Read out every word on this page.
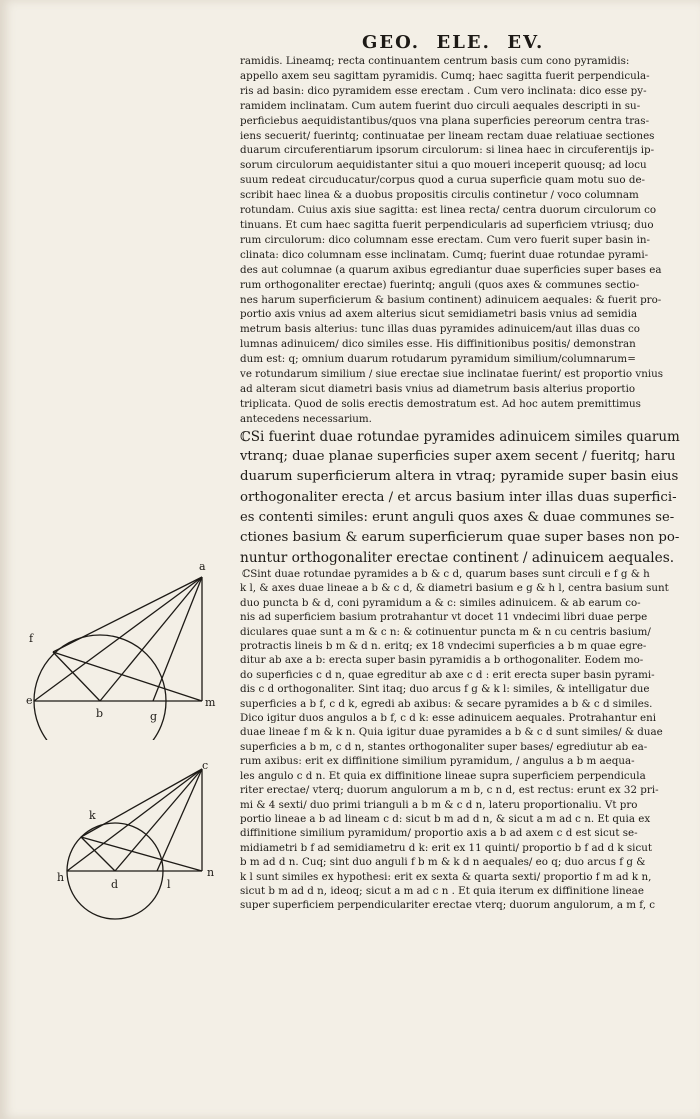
GEO.  ELE.  EV.
ramidis. Lineamq; recta continuantem centrum basis cum cono pyramidis:
appello axem seu sagittam pyramidis. Cumq; haec sagitta fuerit perpendicula-
ris ad basin: dico pyramidem esse erectam . Cum vero inclinata: dico esse py-
ramidem inclinatam. Cum autem fuerint duo circuli aequales descripti in su-
perficiebus aequidistantibus/quos vna plana superficies pereorum centra tras-
iens secuerit/ fuerintq; continuatae per lineam rectam duae relatiuae sectiones
duarum circuferentiarum ipsorum circulorum: si linea haec in circuferentijs ip-
sorum circulorum aequidistanter situi a quo moueri inceperit quousq; ad locu
suum redeat circuducatur/corpus quod a curua superficie quam motu suo de-
scribit haec linea & a duobus propositis circulis continetur / voco columnam
rotundam. Cuius axis siue sagitta: est linea recta/ centra duorum circulorum co
tinuans. Et cum haec sagitta fuerit perpendicularis ad superficiem vtriusq; duo
rum circulorum: dico columnam esse erectam. Cum vero fuerit super basin in-
clinata: dico columnam esse inclinatam. Cumq; fuerint duae rotundae pyrami-
des aut columnae (a quarum axibus egrediantur duae superficies super bases ea
rum orthogonaliter erectae) fuerintq; anguli (quos axes & communes sectio-
nes harum superficierum & basium continent) adinuicem aequales: & fuerit pro-
portio axis vnius ad axem alterius sicut semidiametri basis vnius ad semidia
metrum basis alterius: tunc illas duas pyramides adinuicem/aut illas duas co
lumnas adinuicem/ dico similes esse. His diffinitionibus positis/ demonstran
dum est: q; omnium duarum rotudarum pyramidum similium/columnarum=
ve rotundarum similium / siue erectae siue inclinatae fuerint/ est proportio vnius
ad alteram sicut diametri basis vnius ad diametrum basis alterius proportio
triplicata. Quod de solis erectis demostratum est. Ad hoc autem premittimus
antecedens necessarium.
ℂSi fuerint duae rotundae pyramides adinuicem similes quarum
vtranq; duae planae superficies super axem secent / fueritq; haru
duarum superficierum altera in vtraq; pyramide super basin eius
orthogonaliter erecta / et arcus basium inter illas duas superfici-
es contenti similes: erunt anguli quos axes & duae communes se-
ctiones basium & earum superficierum quae super bases non po-
nuntur orthogonaliter erectae continent / adinuicem aequales.
ℂSint duae rotundae pyramides a b & c d, quarum bases sunt circuli e f g & h
k l, & axes duae lineae a b & c d, & diametri basium e g & h l, centra basium sunt
duo puncta b & d, coni pyramidum a & c: similes adinuicem. & ab earum co-
nis ad superficiem basium protrahantur vt docet 11 vndecimi libri duae perpe
diculares quae sunt a m & c n: & cotinuentur puncta m & n cu centris basium/
protractis lineis b m & d n. eritq; ex 18 vndecimi superficies a b m quae egre-
ditur ab axe a b: erecta super basin pyramidis a b orthogonaliter. Eodem mo-
do superficies c d n, quae egreditur ab axe c d : erit erecta super basin pyrami-
dis c d orthogonaliter. Sint itaq; duo arcus f g & k l: similes, & intelligatur due
superficies a b f, c d k, egredi ab axibus: & secare pyramides a b & c d similes.
Dico igitur duos angulos a b f, c d k: esse adinuicem aequales. Protrahantur eni
duae lineae f m & k n. Quia igitur duae pyramides a b & c d sunt similes/ & duae
superficies a b m, c d n, stantes orthogonaliter super bases/ egrediutur ab ea-
rum axibus: erit ex diffinitione similium pyramidum, / angulus a b m aequa-
les angulo c d n. Et quia ex diffinitione lineae supra superficiem perpendicula
riter erectae/ vterq; duorum angulorum a m b, c n d, est rectus: erunt ex 32 pri-
mi & 4 sexti/ duo primi trianguli a b m & c d n, lateru proportionaliu. Vt pro
portio lineae a b ad lineam c d: sicut b m ad d n, & sicut a m ad c n. Et quia ex
diffinitione similium pyramidum/ proportio axis a b ad axem c d est sicut se-
midiametri b f ad semidiametru d k: erit ex 11 quinti/ proportio b f ad d k sicut
b m ad d n. Cuq; sint duo anguli f b m & k d n aequales/ eo q; duo arcus f g &
k l sunt similes ex hypothesi: erit ex sexta & quarta sexti/ proportio f m ad k n,
sicut b m ad d n, ideoq; sicut a m ad c n . Et quia iterum ex diffinitione lineae
super superficiem perpendiculariter erectae vterq; duorum angulorum, a m f, c
a
f
e
b	g
m
c
k
h
d	l
n
